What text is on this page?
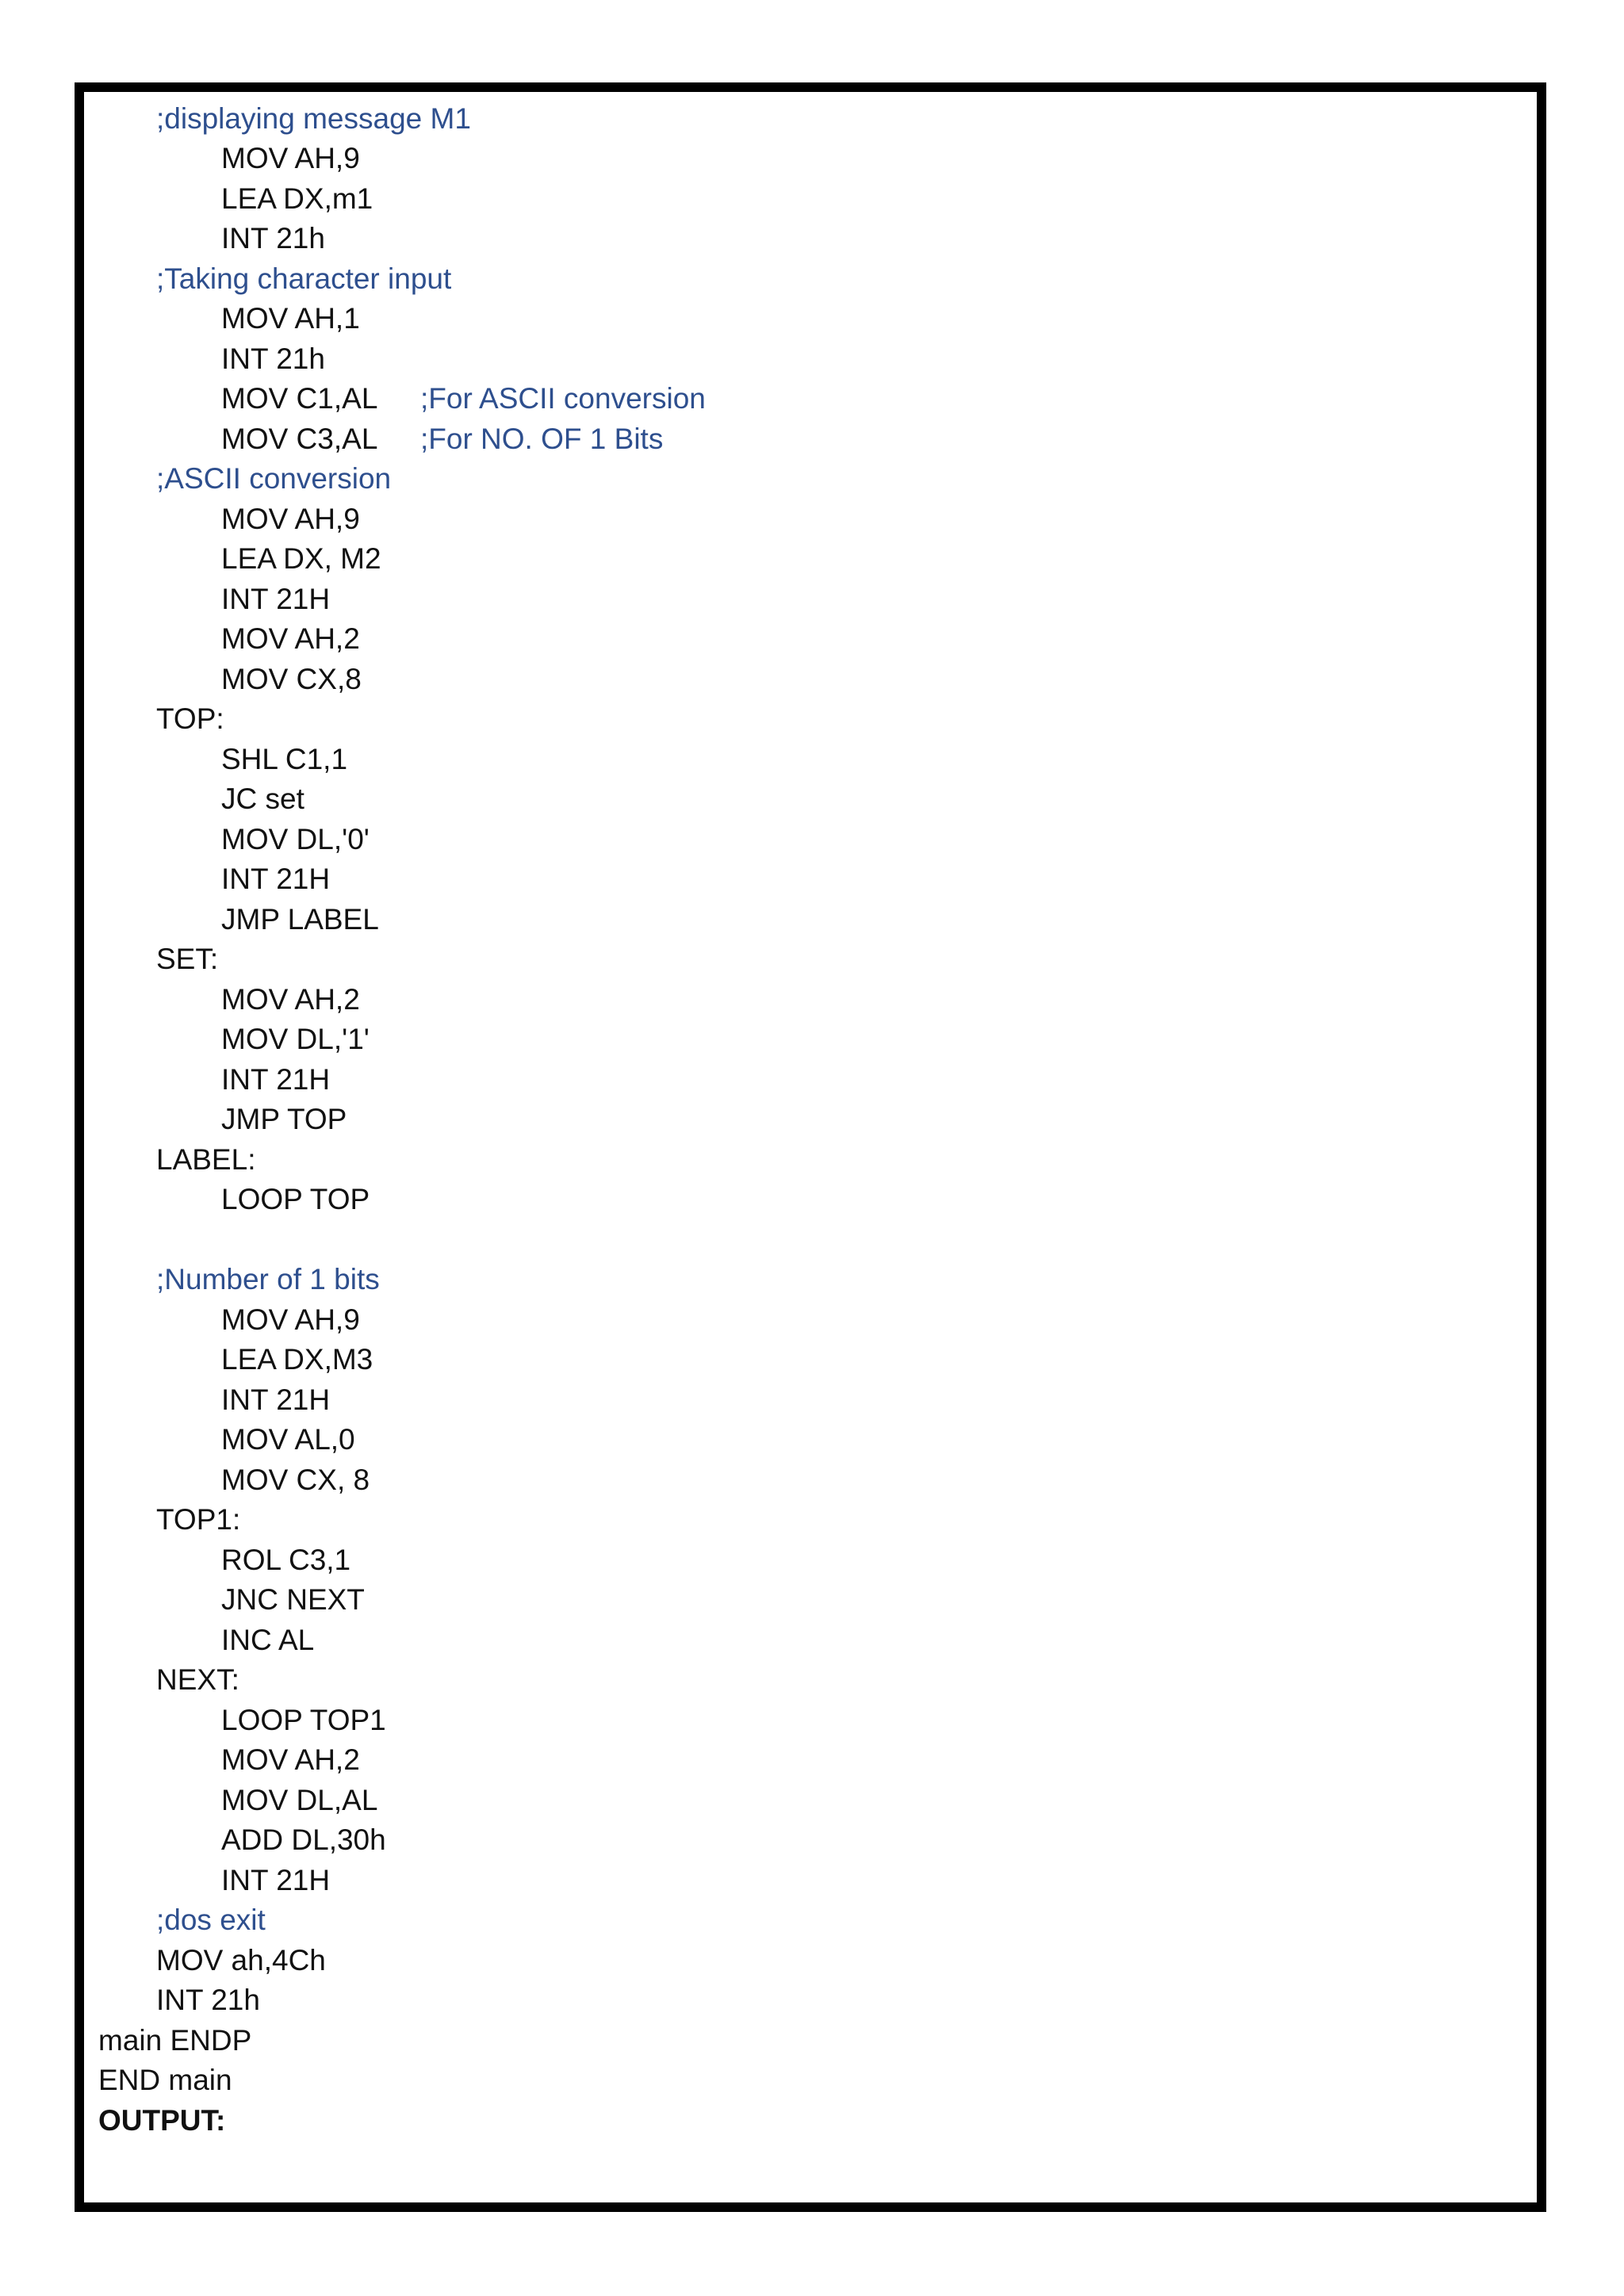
;displaying message M1
MOV AH,9
LEA DX,m1
INT 21h
;Taking character input
MOV AH,1
INT 21h
MOV C1,AL ;For ASCII conversion
MOV C3,AL ;For NO. OF 1 Bits
;ASCII conversion
MOV AH,9
LEA DX, M2
INT 21H
MOV AH,2
MOV CX,8
TOP:
SHL C1,1
JC set
MOV DL,'0'
INT 21H
JMP LABEL
SET:
MOV AH,2
MOV DL,'1'
INT 21H
JMP TOP
LABEL:
LOOP TOP
;Number of 1 bits
MOV AH,9
LEA DX,M3
INT 21H
MOV AL,0
MOV CX, 8
TOP1:
ROL C3,1
JNC NEXT
INC AL
NEXT:
LOOP TOP1
MOV AH,2
MOV DL,AL
ADD DL,30h
INT 21H
;dos exit
MOV ah,4Ch
INT 21h
main ENDP
END main
OUTPUT:
